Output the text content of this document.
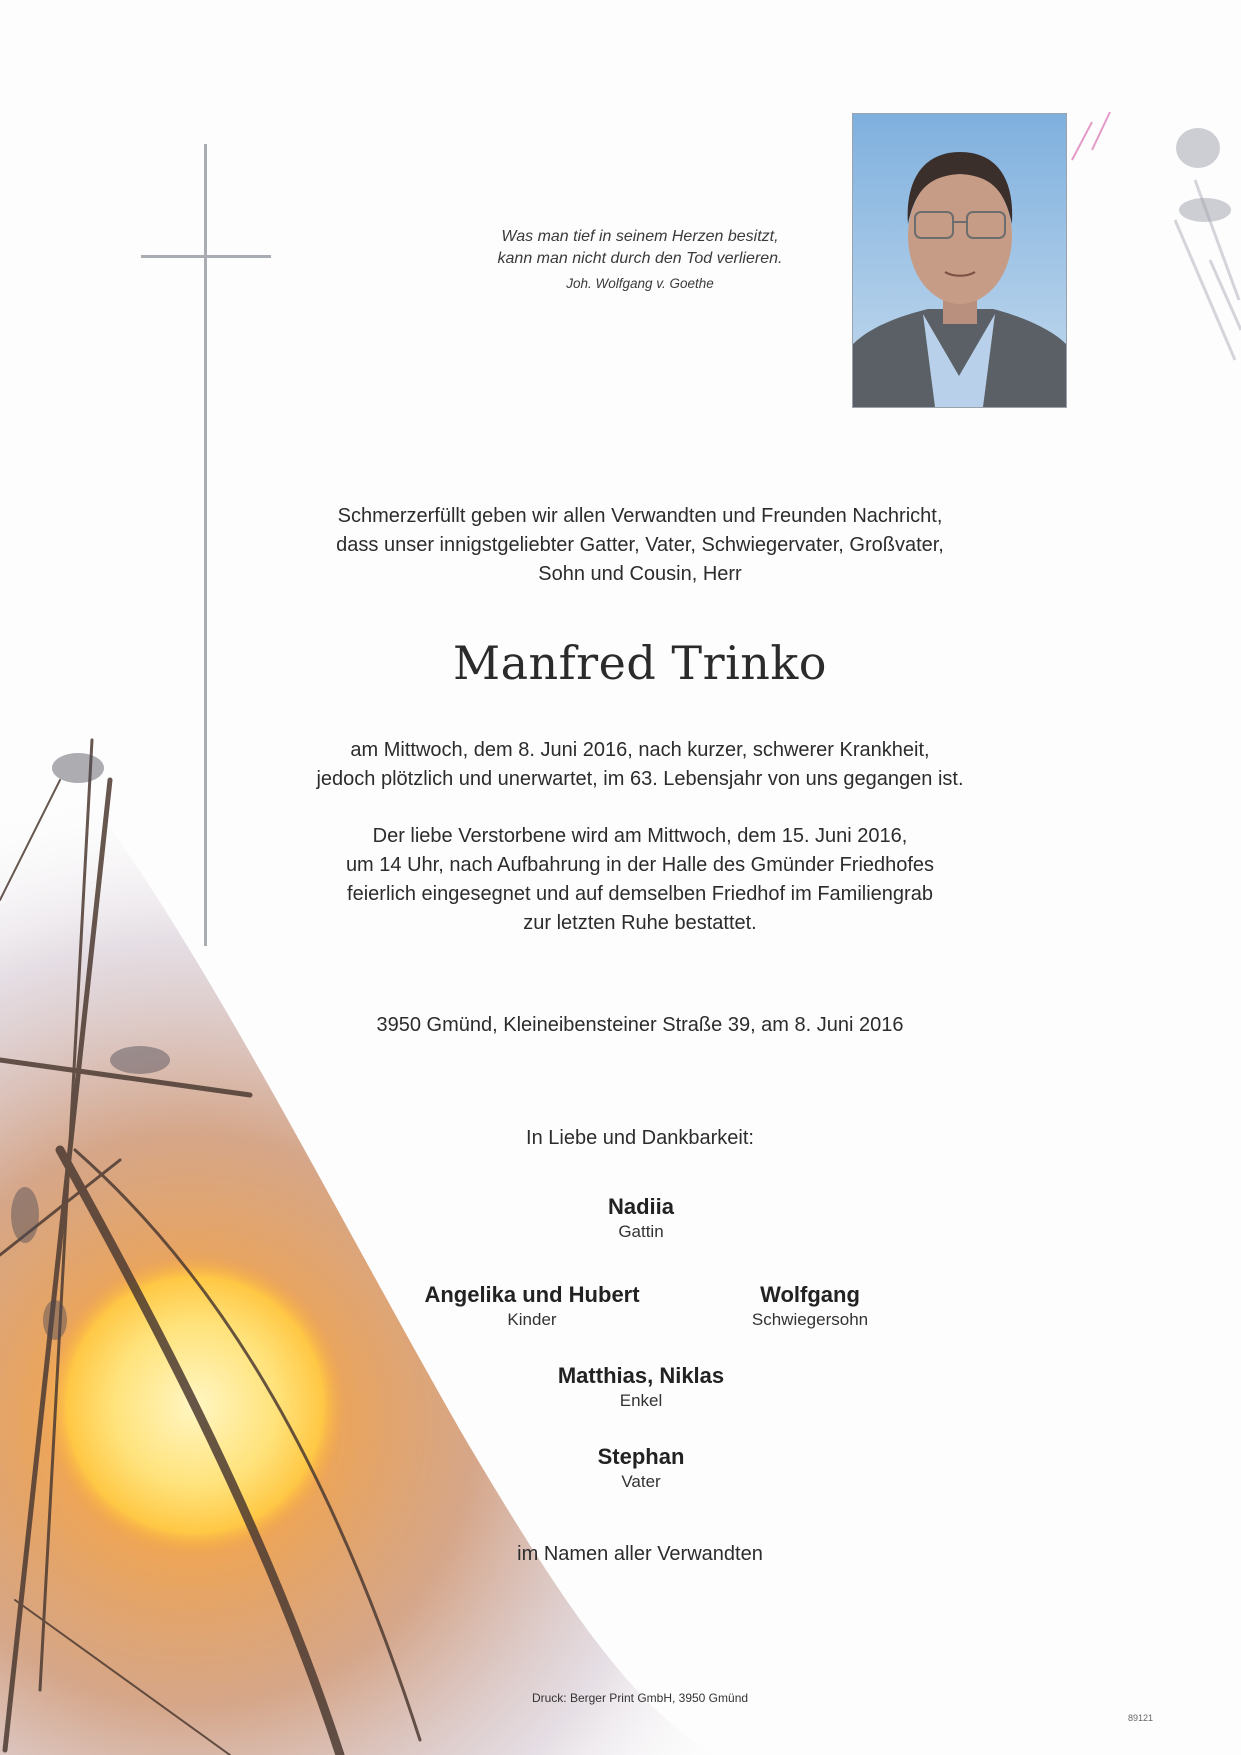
Was man tief in seinem Herzen besitzt,
kann man nicht durch den Tod verlieren.
Joh. Wolfgang v. Goethe
Schmerzerfüllt geben wir allen Verwandten und Freunden Nachricht,
dass unser innigstgeliebter Gatter, Vater, Schwiegervater, Großvater,
Sohn und Cousin, Herr
Manfred Trinko
am Mittwoch, dem 8. Juni 2016, nach kurzer, schwerer Krankheit,
jedoch plötzlich und unerwartet, im 63. Lebensjahr von uns gegangen ist.
Der liebe Verstorbene wird am Mittwoch, dem 15. Juni 2016,
um 14 Uhr, nach Aufbahrung in der Halle des Gmünder Friedhofes
feierlich eingesegnet und auf demselben Friedhof im Familiengrab
zur letzten Ruhe bestattet.
3950 Gmünd, Kleineibensteiner Straße 39, am 8. Juni 2016
In Liebe und Dankbarkeit:
Nadiia
Gattin
Angelika und Hubert
Kinder
Wolfgang
Schwiegersohn
Matthias, Niklas
Enkel
Stephan
Vater
im Namen aller Verwandten
Druck: Berger Print GmbH, 3950 Gmünd
89121
